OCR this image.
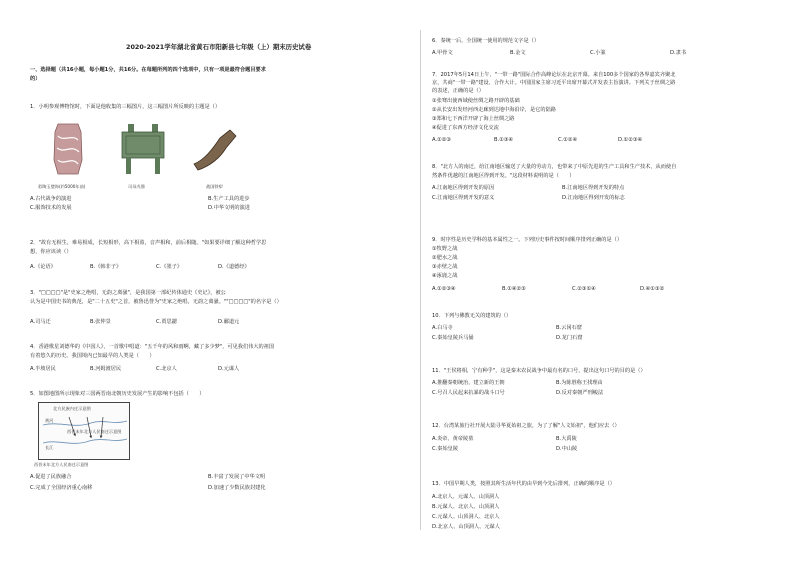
2020-2021学年湖北省黄石市阳新县七年级（上）期末历史试卷
一、选择题（共16小题，每小题1分，共16分。在每题所列的四个选项中，只有一项是最符合题目要求
的）
1．小明参观博物馆时，下面是他收集的三幅图片，这三幅图片所反映的主题是（）
彩陶玉璧饰(约5000年前)	司母戊鼎	战国铁犁
A.古代战争的演进	B.生产工具的进步
C.服饰技术的发展	D.中华文明的演进
2．"故有无相生，难易相成，长短相形，高下相盈，音声相和，前后相随。"如果要详细了解这种哲学思
想，你应该读（）
A.《论语》	B.《韩非子》	C.《墨子》	D.《道德经》
3．"□□□□"是"史家之绝唱，无韵之离骚"，是我国第一部纪传体通史《史记》，被公
认为是中国史书的典范，是"二十五史"之首，被鲁迅誉为"史家之绝唱，无韵之离骚。""□□□□"的名字是（）
A.司马迁	B.张仲景	C.贾思勰	D.郦道元
4．香港歌星刘德华的《中国人》，一首歌中唱道："五千年的风和雨啊，藏了多少梦"，可见我们伟大的祖国
有着悠久的历史。我国境内已知最早的人类是（　　）
A.半坡居民	B.河姆渡居民	C.北京人	D.元谋人
5．如图地图所示现象对三国两晋南北朝历史发展产生的影响不包括（　　）
北方民族内迁示意图
西晋末年北方人民南迁示意图
黄河
长江
西晋末年北方人民南迁示意图
A.促进了民族融合	B.丰富了发展了中华文明
C.完成了全国经济重心南移	D.加速了少数民族封建化
6．秦统一后，全国统一使用的规范文字是（）
A.甲骨文	B.金文	C.小篆	D.隶书
7．2017年5月14日上午，"一带一路"国际合作高峰论坛在北京开幕。来自100多个国家的各界嘉宾齐聚北
京，共商"一带一路"建设、合作大计。中国国家主席习近平出席开幕式并发表主旨演讲。下列关于丝绸之路
的表述，正确的是（）
①张骞出使西域使丝绸之路开辟的基础
②从长安出发经河西走廊到达地中海沿岸，是它的陆路
③郑和七下西洋开辟了海上丝绸之路
④促进了东西方经济文化交流
A.①②③	B.①③④	C.①②④	D.①②③④
8．"北方人的南迁，给江南地区输送了大量的劳动力，也带来了中原先进的生产工具和生产技术，从而使自
然条件优越的江南地区得到开发。"这段材料说明的是（　　）
A.江南地区得到开发的原因	B.江南地区得到开发的特点
C.江南地区得到开发的意义	D.江南地区得到开发的标志
9．时序性是历史学科的基本属性之一。下列历史事件按时间顺序排列正确的是（）
①牧野之战
②肥水之战
③赤壁之战
④涿鹿之战
A.①②③④	B.①④②③	C.②③①④	D.④①③②
10．下列与佛教无关的建筑的（）
A.白马寺	B.云冈石窟
C.秦始皇陵兵马俑	D.龙门石窟
11．"王侯将相，宁有种乎"，这是秦末农民战争中最有名的口号，提出这句口号的目的是（）
A.推翻秦朝统治，建立新的王朝	B.为陈胜称王找理由
C.号召人民起来抗暴的战斗口号	D.反对秦朝严刑峻法
12．台湾某旅行社开展大陆寻华夏始祖之旅，为了了解"人文始祖"，他们应去（）
A.炎帝、黄帝陵墓	B.大禹陵
C.秦始皇陵	D.中山陵
13．中国早期人类，按照其所生活年代的由早到今先后排列，正确的顺序是（）
A.北京人、元谋人、山顶洞人
B.元谋人、北京人、山顶洞人
C.元谋人、山顶洞人、北京人
D.北京人、山顶洞人、元谋人
